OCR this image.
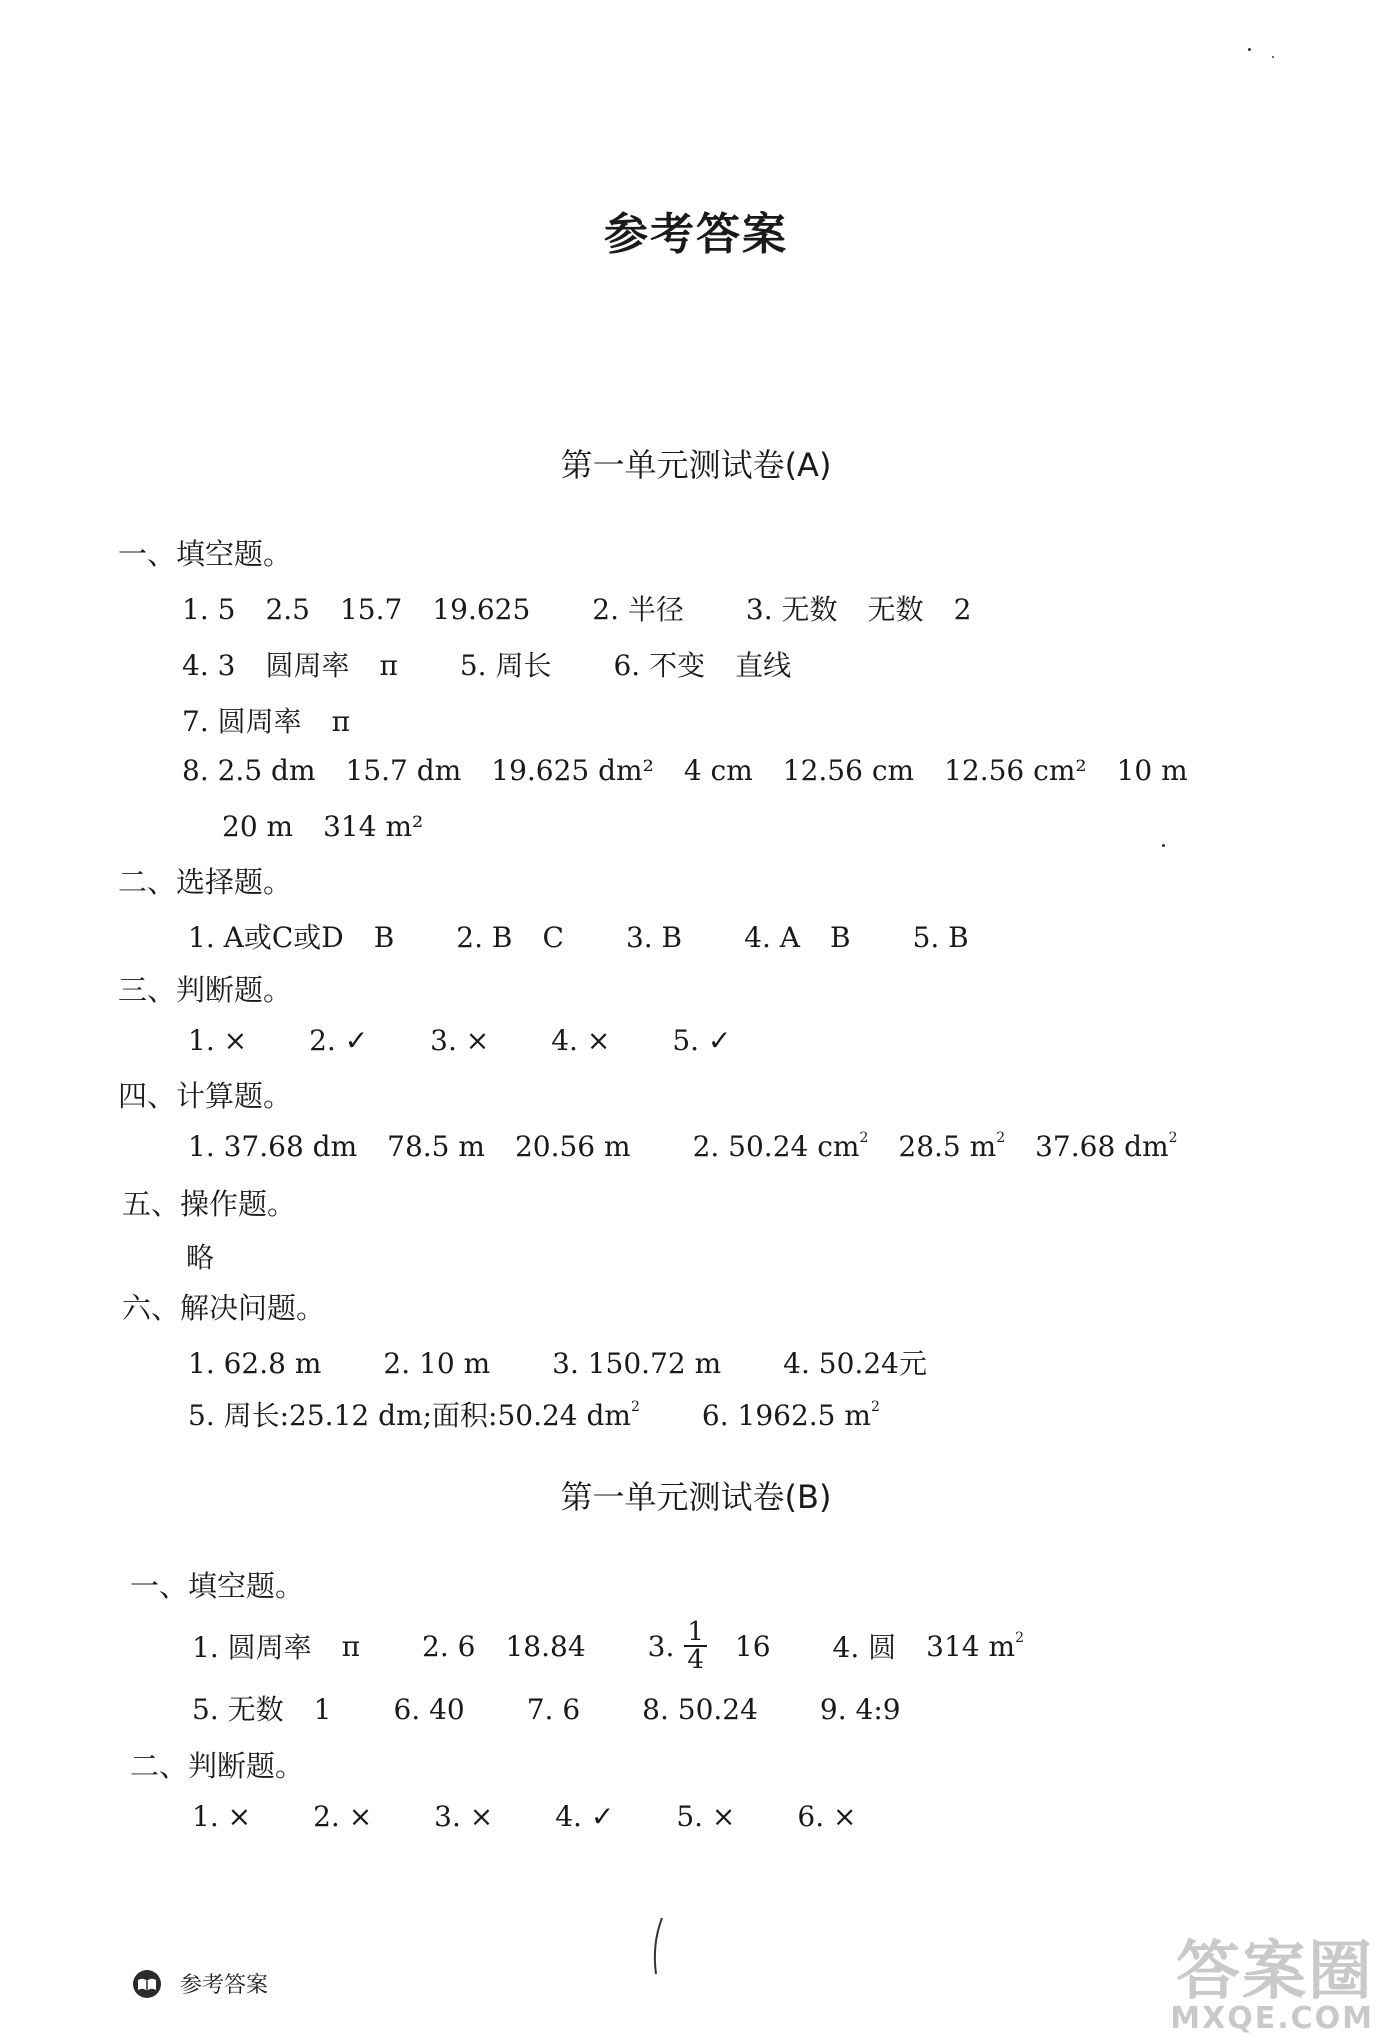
参考答案
第一单元测试卷(A)
一、填空题。
1. 5 2.5 15.7 19.625 2. 半径 3. 无数 无数 2
4. 3 圆周率 π 5. 周长 6. 不变 直线
7. 圆周率 π
8. 2.5 dm 15.7 dm 19.625 dm² 4 cm 12.56 cm 12.56 cm² 10 m
20 m 314 m²
二、选择题。
1. A或C或D B 2. B C 3. B 4. A B 5. B
三、判断题。
1. × 2. ✓ 3. × 4. × 5. ✓
四、计算题。
1. 37.68 dm 78.5 m 20.56 m 2. 50.24 $cm^2$ 28.5 $m^2$ 37.68 $dm^2$
五、操作题。
略
六、解决问题。
1. 62.8 m 2. 10 m 3. 150.72 m 4. 50.24元
5. 周长:25.12 dm;面积:50.24 $dm^2$ 6. 1962.5 $m^2$
第一单元测试卷(B)
一、填空题。
1. 圆周率 π 2. 6 18.84 3. $\frac{1}{4} 16$ 4. 圆 314 $m^2$
5. 无数 1 6. 40 7. 6 8. 50.24 9. 4:9
二、判断题。
1. × 2. × 3. × 4. ✓ 5. × 6. ×
参考答案	答案圈
MXQE.COM
